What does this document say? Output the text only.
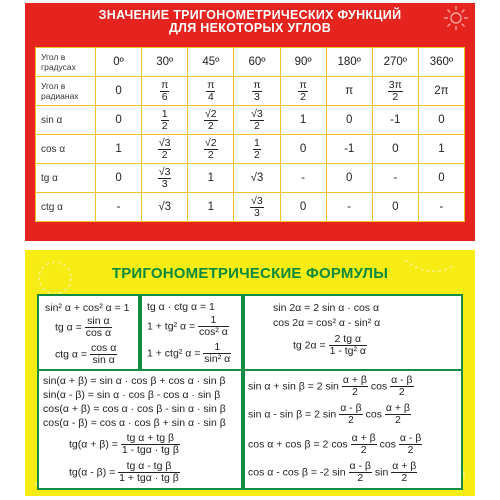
ЗНАЧЕНИЕ ТРИГОНОМЕТРИЧЕСКИХ ФУНКЦИЙ
ДЛЯ НЕКОТОРЫХ УГЛОВ
Угол в градусах	0º	30º	45º	60º	90º	180º	270º	360º
Угол в радианах	0	$\frac{\pi}{6}$	$\frac{\pi}{4}$	$\frac{\pi}{3}$	$\frac{\pi}{2}$	π	$\frac{3\pi}{2}$	2π
sin α	0	$\frac{1}{2}$	$\frac{√2}{2}$	$\frac{√3}{2}$	1	0	-1	0
cos α	1	$\frac{√3}{2}$	$\frac{√2}{2}$	$\frac{1}{2}$	0	-1	0	1
tg α	0	$\frac{√3}{3}$	1	√3	-	0	-	0
ctg α	-	√3	1	$\frac{√3}{3}$	0	-	0	-
ТРИГОНОМЕТРИЧЕСКИЕ ФОРМУЛЫ
sin² α + cos² α = 1
tg $\alpha = \frac{\text{sin α}}{\text{cos α}}$
ctg $\alpha = \frac{\text{cos α}}{\text{sin α}}$
tg α · ctg α = 1
1 + tg² $\alpha = \frac{1}{\text{cos² α}}$
1 + ctg² $\alpha = \frac{1}{\text{sin² α}}$
sin 2α = 2 sin α · cos α
cos 2α = cos² α - sin² α
tg $2\alpha = \frac{\text{2 tg α}}{\text{1 - tg² α}}$
sin(α + β) = sin α · cos β + cos α · sin β
sin(α - β) = sin α · cos β - cos α · sin β
cos(α + β) = cos α · cos β - sin α · sin β
cos(α - β) = cos α · cos β + sin α · sin β
$tg(\alpha + \beta) = \frac{\text{tg α + tg β}}{\text{1 - tgα · tg β}}$
$tg(\alpha - \beta) = \frac{\text{tg α - tg β}}{\text{1 + tgα · tg β}}$
sin α + sin β = 2 $\sin \frac{\alpha + \beta}{2}$ $\cos \frac{\alpha - \beta}{2}$
sin α - sin β = 2 $\sin \frac{\alpha - \beta}{2}$ $\cos \frac{\alpha + \beta}{2}$
cos α + cos β = 2 $\cos \frac{\alpha + \beta}{2}$ $\cos \frac{\alpha - \beta}{2}$
cos α - cos β = -2 $\sin \frac{\alpha - \beta}{2}$ $\sin \frac{\alpha + \beta}{2}$
